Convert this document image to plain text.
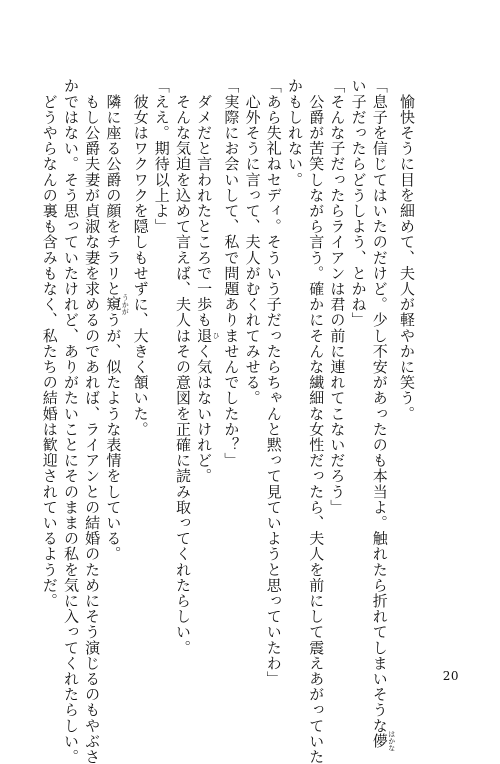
　愉快そうに目を細めて、夫人が軽やかに笑う。
「息子を信じてはいたのだけど。少し不安があったのも本当よ。触れたら折れてしまいそうな儚 はかな
い子だったらどうしよう、とかね」
「そんな子だったらライアンは君の前に連れてこないだろう」
　公爵が苦笑しながら言う。確かにそんな繊細な女性だったら、夫人を前にして震えあがっていた
かもしれない。
「あら失礼ねセディ。そういう子だったらちゃんと黙って見ていようと思っていたわ」
　心外そうに言って、夫人がむくれてみせる。
「実際にお会いして、私で問題ありませんでしたか？」
　ダメだと言われたところで一歩も退 ひく気はないけれど。
　そんな気迫を込めて言えば、夫人はその意図を正確に読み取ってくれたらしい。
「ええ。期待以上よ」
　彼女はワクワクを隠しもせずに、大きく頷いた。
　隣に座る公爵の顔をチラリと窺 うかがうが、似たような表情をしている。
　もし公爵夫妻が貞淑な妻を求めるのであれば、ライアンとの結婚のためにそう演じるのもやぶさ
かではない。そう思っていたけれど、ありがたいことにそのままの私を気に入ってくれたらしい。
　どうやらなんの裏も含みもなく、私たちの結婚は歓迎されているようだ。
20
